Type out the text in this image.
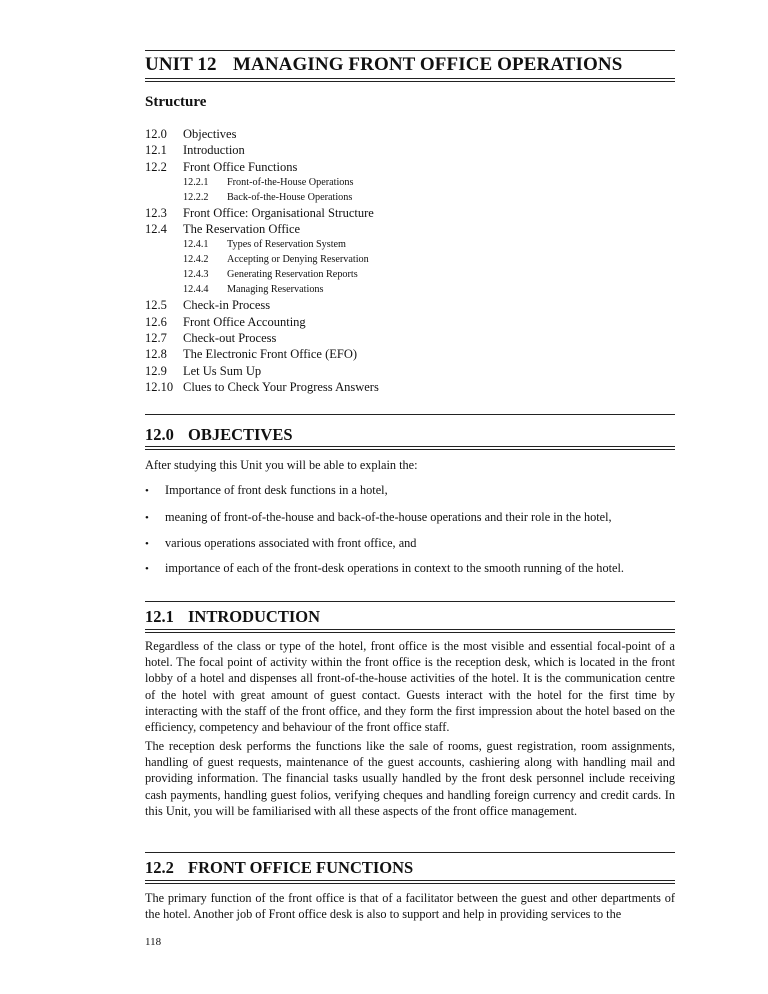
UNIT 12 MANAGING FRONT OFFICE OPERATIONS
Structure
12.0	Objectives
12.1	Introduction
12.2	Front Office Functions
12.2.1	Front-of-the-House Operations
12.2.2	Back-of-the-House Operations
12.3	Front Office: Organisational Structure
12.4	The Reservation Office
12.4.1	Types of Reservation System
12.4.2	Accepting or Denying Reservation
12.4.3	Generating Reservation Reports
12.4.4	Managing Reservations
12.5	Check-in Process
12.6	Front Office Accounting
12.7	Check-out Process
12.8	The Electronic Front Office (EFO)
12.9	Let Us Sum Up
12.10 Clues to Check Your Progress Answers
12.0 OBJECTIVES

After studying this Unit you will be able to explain the:

• Importance of front desk functions in a hotel,
• meaning of front-of-the-house and back-of-the-house operations and their role in the hotel,
• various operations associated with front office, and
• importance of each of the front-desk operations in context to the smooth running of the hotel.
12.1 INTRODUCTION

Regardless of the class or type of the hotel, front office is the most visible and essential focal-point of a hotel. The focal point of activity within the front office is the reception desk, which is located in the front lobby of a hotel and dispenses all front-of-the-house activities of the hotel. It is the communication centre of the hotel with great amount of guest contact. Guests interact with the hotel for the first time by interacting with the staff of the front office, and they form the first impression about the hotel based on the efficiency, competency and behaviour of the front office staff.

The reception desk performs the functions like the sale of rooms, guest registration, room assignments, handling of guest requests, maintenance of the guest accounts, cashiering along with handling mail and providing information. The financial tasks usually handled by the front desk personnel include receiving cash payments, handling guest folios, verifying cheques and handling foreign currency and credit cards. In this Unit, you will be familiarised with all these aspects of the front office management.

12.2 FRONT OFFICE FUNCTIONS

The primary function of the front office is that of a facilitator between the guest and other departments of the hotel. Another job of Front office desk is also to support and help in providing services to the

118
